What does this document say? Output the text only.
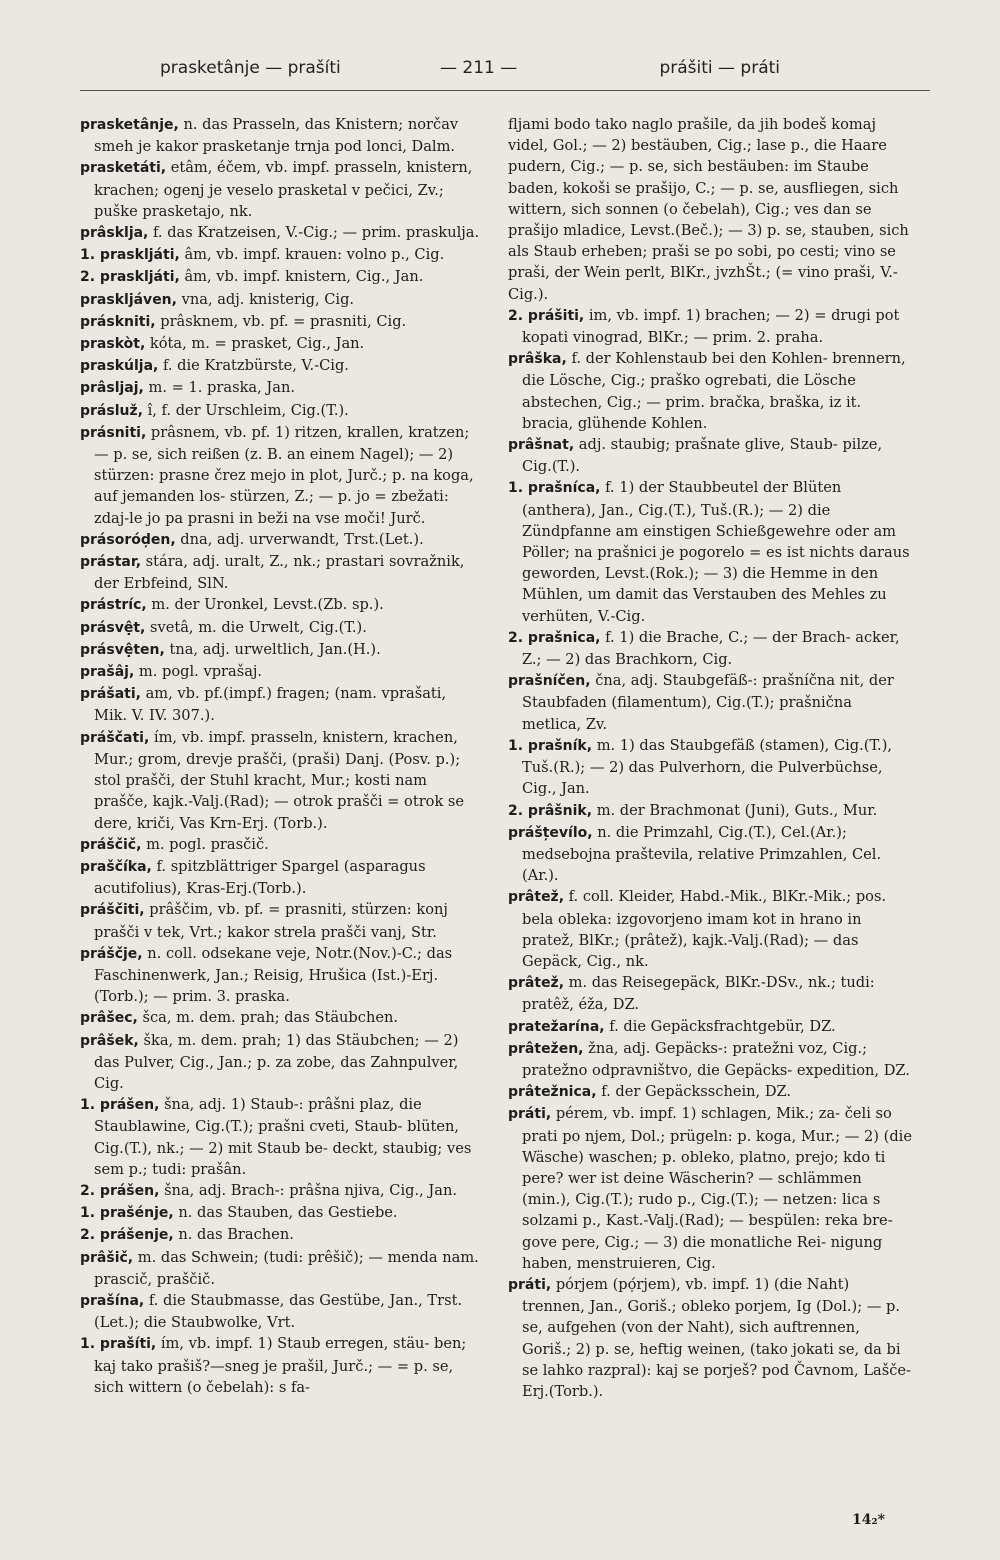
prasketânje — prašíti	— 211 —	prášiti — práti
prasketânje, n. das Prasseln, das Knistern; norčav smeh je kakor prasketanje trnja pod lonci, Dalm.
prasketáti, etâm, éčem, vb. impf. prasseln, knistern, krachen; ogenj je veselo prasketal v pečici, Zv.; puške prasketajo, nk.
prâsklja, f. das Kratzeisen, V.-Cig.; — prim. praskulja.
1. praskljáti, âm, vb. impf. krauen: volno p., Cig.
2. praskljáti, âm, vb. impf. knistern, Cig., Jan.
praskljáven, vna, adj. knisterig, Cig.
práskniti, prâsknem, vb. pf. = prasniti, Cig.
praskòt, kóta, m. = prasket, Cig., Jan.
praskúlja, f. die Kratzbürste, V.-Cig.
prâsljaj, m. = 1. praska, Jan.
prásluž, î, f. der Urschleim, Cig.(T.).
prásniti, prâsnem, vb. pf. 1) ritzen, krallen, kratzen; — p. se, sich reißen (z. B. an einem Nagel); — 2) stürzen: prasne črez mejo in plot, Jurč.; p. na koga, auf jemanden los- stürzen, Z.; — p. jo = zbežati: zdaj-le jo pa prasni in beži na vse moči! Jurč.
prásoród̦en, dna, adj. urverwandt, Trst.(Let.).
prástar, stára, adj. uralt, Z., nk.; prastari sovražnik, der Erbfeind, SlN.
prástríc, m. der Uronkel, Levst.(Zb. sp.).
prásvệt, svetâ, m. die Urwelt, Cig.(T.).
prásvệten, tna, adj. urweltlich, Jan.(H.).
prašâj, m. pogl. vprašaj.
prášati, am, vb. pf.(impf.) fragen; (nam. vprašati, Mik. V. IV. 307.).
práščati, ím, vb. impf. prasseln, knistern, krachen, Mur.; grom, drevje prašči, (praši) Danj. (Posv. p.); stol prašči, der Stuhl kracht, Mur.; kosti nam prašče, kajk.-Valj.(Rad); — otrok prašči = otrok se dere, kriči, Vas Krn-Erj. (Torb.).
práščič, m. pogl. prasčič.
praščíka, f. spitzblättriger Spargel (asparagus acutifolius), Kras-Erj.(Torb.).
práščiti, prâščim, vb. pf. = prasniti, stürzen: konj prašči v tek, Vrt.; kakor strela prašči vanj, Str.
práščje, n. coll. odsekane veje, Notr.(Nov.)-C.; das Faschinenwerk, Jan.; Reisig, Hrušica (Ist.)-Erj.(Torb.); — prim. 3. praska.
prâšec, šca, m. dem. prah; das Stäubchen.
prâšek, ška, m. dem. prah; 1) das Stäubchen; — 2) das Pulver, Cig., Jan.; p. za zobe, das Zahnpulver, Cig.
1. prášen, šna, adj. 1) Staub-: prâšni plaz, die Staublawine, Cig.(T.); prašni cveti, Staub- blüten, Cig.(T.), nk.; — 2) mit Staub be- deckt, staubig; ves sem p.; tudi: prašân.
2. prášen, šna, adj. Brach-: prâšna njiva, Cig., Jan.
1. prašénje, n. das Stauben, das Gestiebe.
2. prášenje, n. das Brachen.
prâšič, m. das Schwein; (tudi: prêšič); — menda nam. prascič, praščič.
prašína, f. die Staubmasse, das Gestübe, Jan., Trst.(Let.); die Staubwolke, Vrt.
1. prašíti, ím, vb. impf. 1) Staub erregen, stäu- ben; kaj tako prašiš?—sneg je prašil, Jurč.; — = p. se, sich wittern (o čebelah): s fa-
fljami bodo tako naglo prašile, da jih bodeš komaj videl, Gol.; — 2) bestäuben, Cig.; lase p., die Haare pudern, Cig.; — p. se, sich bestäuben: im Staube baden, kokoši se prašijo, C.; — p. se, ausfliegen, sich wittern, sich sonnen (o čebelah), Cig.; ves dan se prašijo mladice, Levst.(Beč.); — 3) p. se, stauben, sich als Staub erheben; praši se po sobi, po cesti; vino se praši, der Wein perlt, BlKr., jvzhŠt.; (= vino praši, V.-Cig.).
2. prášiti, im, vb. impf. 1) brachen; — 2) = drugi pot kopati vinograd, BlKr.; — prim. 2. praha.
prâška, f. der Kohlenstaub bei den Kohlen- brennern, die Lösche, Cig.; praško ogrebati, die Lösche abstechen, Cig.; — prim. bračka, braška, iz it. bracia, glühende Kohlen.
prâšnat, adj. staubig; prašnate glive, Staub- pilze, Cig.(T.).
1. prašníca, f. 1) der Staubbeutel der Blüten (anthera), Jan., Cig.(T.), Tuš.(R.); — 2) die Zündpfanne am einstigen Schießgewehre oder am Pöller; na prašnici je pogorelo = es ist nichts daraus geworden, Levst.(Rok.); — 3) die Hemme in den Mühlen, um damit das Verstauben des Mehles zu verhüten, V.-Cig.
2. prašnica, f. 1) die Brache, C.; — der Brach- acker, Z.; — 2) das Brachkorn, Cig.
prašníčen, čna, adj. Staubgefäß-: prašníčna nit, der Staubfaden (filamentum), Cig.(T.); prašnična metlica, Zv.
1. prašník, m. 1) das Staubgefäß (stamen), Cig.(T.), Tuš.(R.); — 2) das Pulverhorn, die Pulverbüchse, Cig., Jan.
2. prâšnik, m. der Brachmonat (Juni), Guts., Mur.
prášțevílo, n. die Primzahl, Cig.(T.), Cel.(Ar.); medsebojna praštevila, relative Primzahlen, Cel.(Ar.).
prâtež, f. coll. Kleider, Habd.-Mik., BlKr.-Mik.; pos. bela obleka: izgovorjeno imam kot in hrano in pratež, BlKr.; (prâtež), kajk.-Valj.(Rad); — das Gepäck, Cig., nk.
prâtež, m. das Reisegepäck, BlKr.-DSv., nk.; tudi: pratêž, éža, DZ.
pratežarína, f. die Gepäcksfrachtgebür, DZ.
prâtežen, žna, adj. Gepäcks-: pratežni voz, Cig.; pratežno odpravništvo, die Gepäcks- expedition, DZ.
prâtežnica, f. der Gepäcksschein, DZ.
práti, pérem, vb. impf. 1) schlagen, Mik.; za- čeli so prati po njem, Dol.; prügeln: p. koga, Mur.; — 2) (die Wäsche) waschen; p. obleko, platno, prejo; kdo ti pere? wer ist deine Wäscherin? — schlämmen (min.), Cig.(T.); rudo p., Cig.(T.); — netzen: lica s solzami p., Kast.-Valj.(Rad); — bespülen: reka bre- gove pere, Cig.; — 3) die monatliche Rei- nigung haben, menstruieren, Cig.
práti, pórjem (pọ́rjem), vb. impf. 1) (die Naht) trennen, Jan., Goriš.; obleko porjem, Ig (Dol.); — p. se, aufgehen (von der Naht), sich auftrennen, Goriš.; 2) p. se, heftig weinen, (tako jokati se, da bi se lahko razpral): kaj se porješ? pod Čavnom, Lašče-Erj.(Torb.).
14₂*
